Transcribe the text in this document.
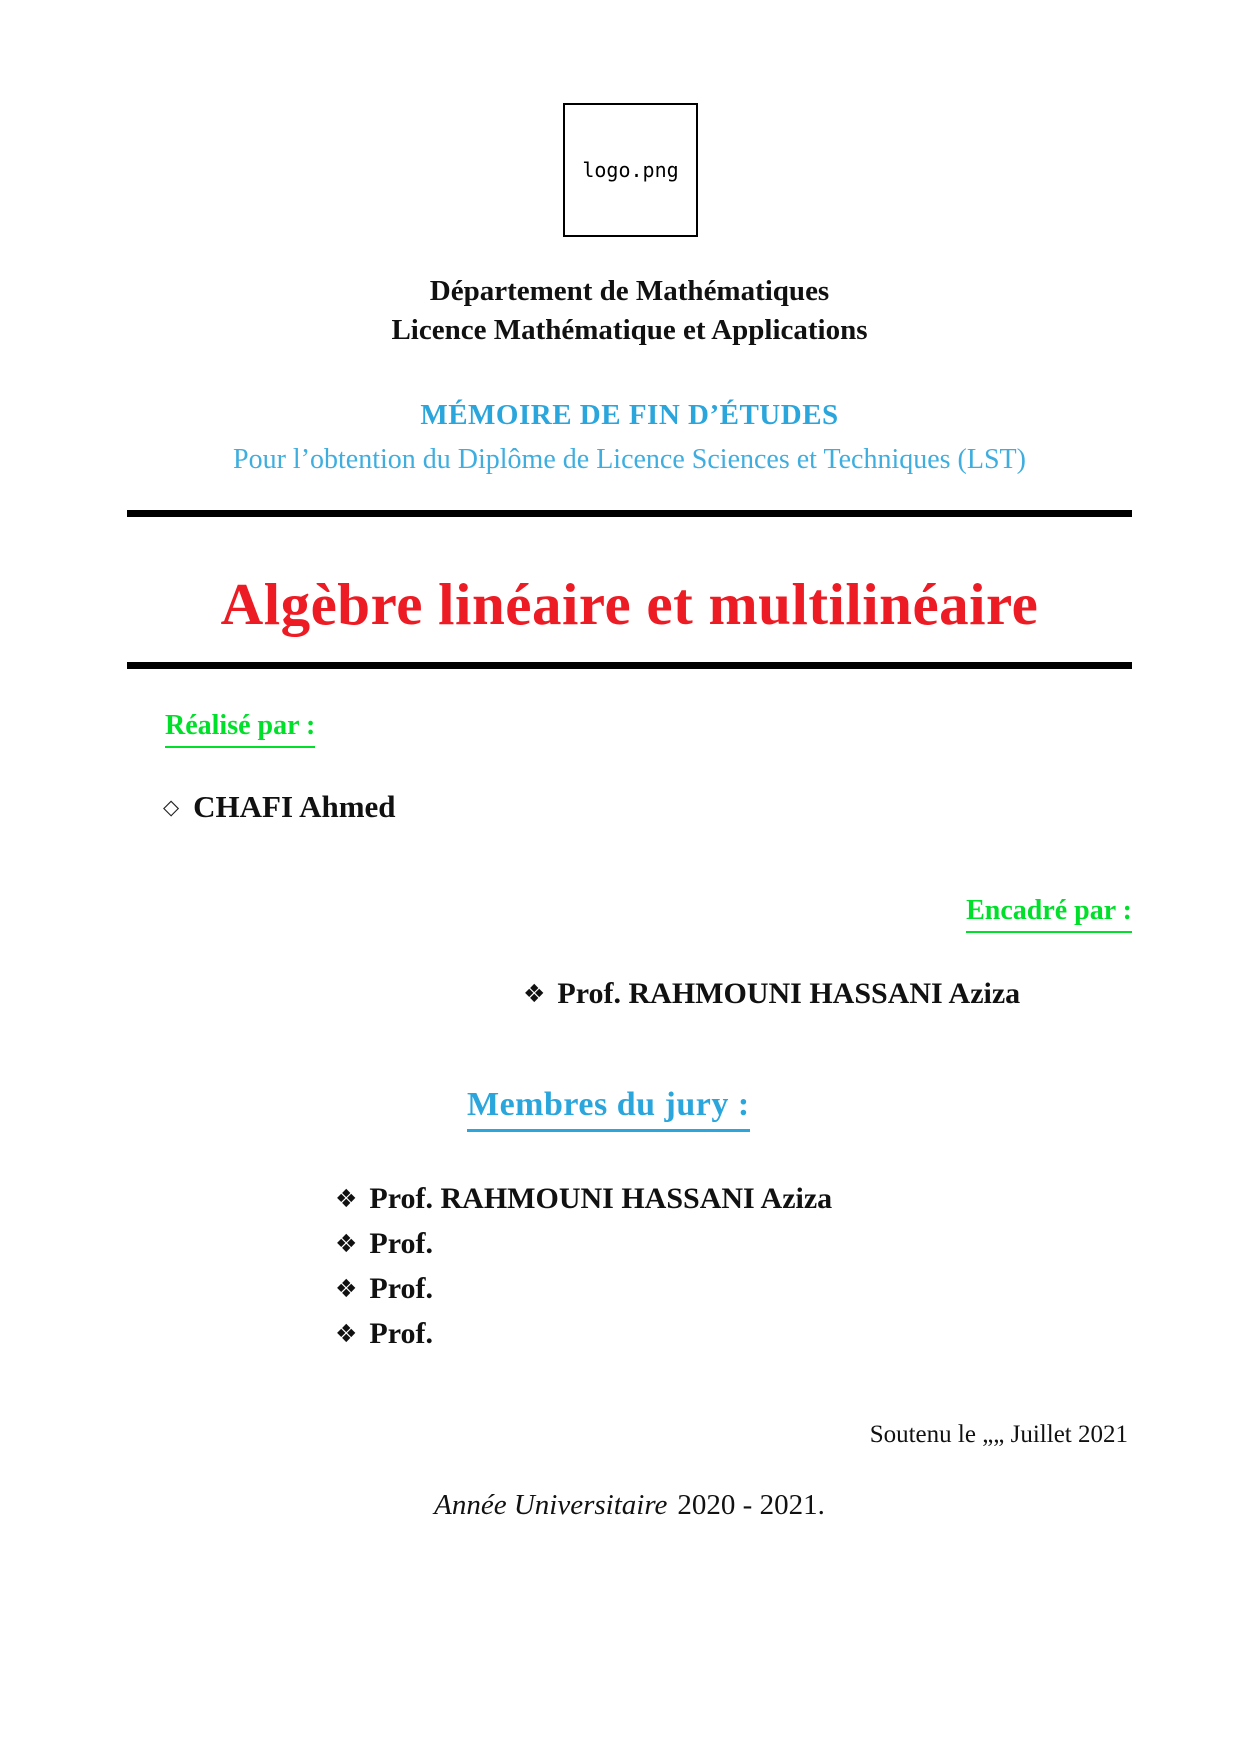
logo.png
Département de Mathématiques
Licence Mathématique et Applications
MÉMOIRE DE FIN D’ÉTUDES
Pour l’obtention du Diplôme de Licence Sciences et Techniques (LST)
Algèbre linéaire et multilinéaire
Réalisé par :
◇ CHAFI Ahmed
Encadré par :
❖ Prof. RAHMOUNI HASSANI Aziza
Membres du jury :
❖ Prof. RAHMOUNI HASSANI Aziza
❖ Prof.
❖ Prof.
❖ Prof.
Soutenu le „„ Juillet 2021
Année Universitaire 2020 - 2021.
